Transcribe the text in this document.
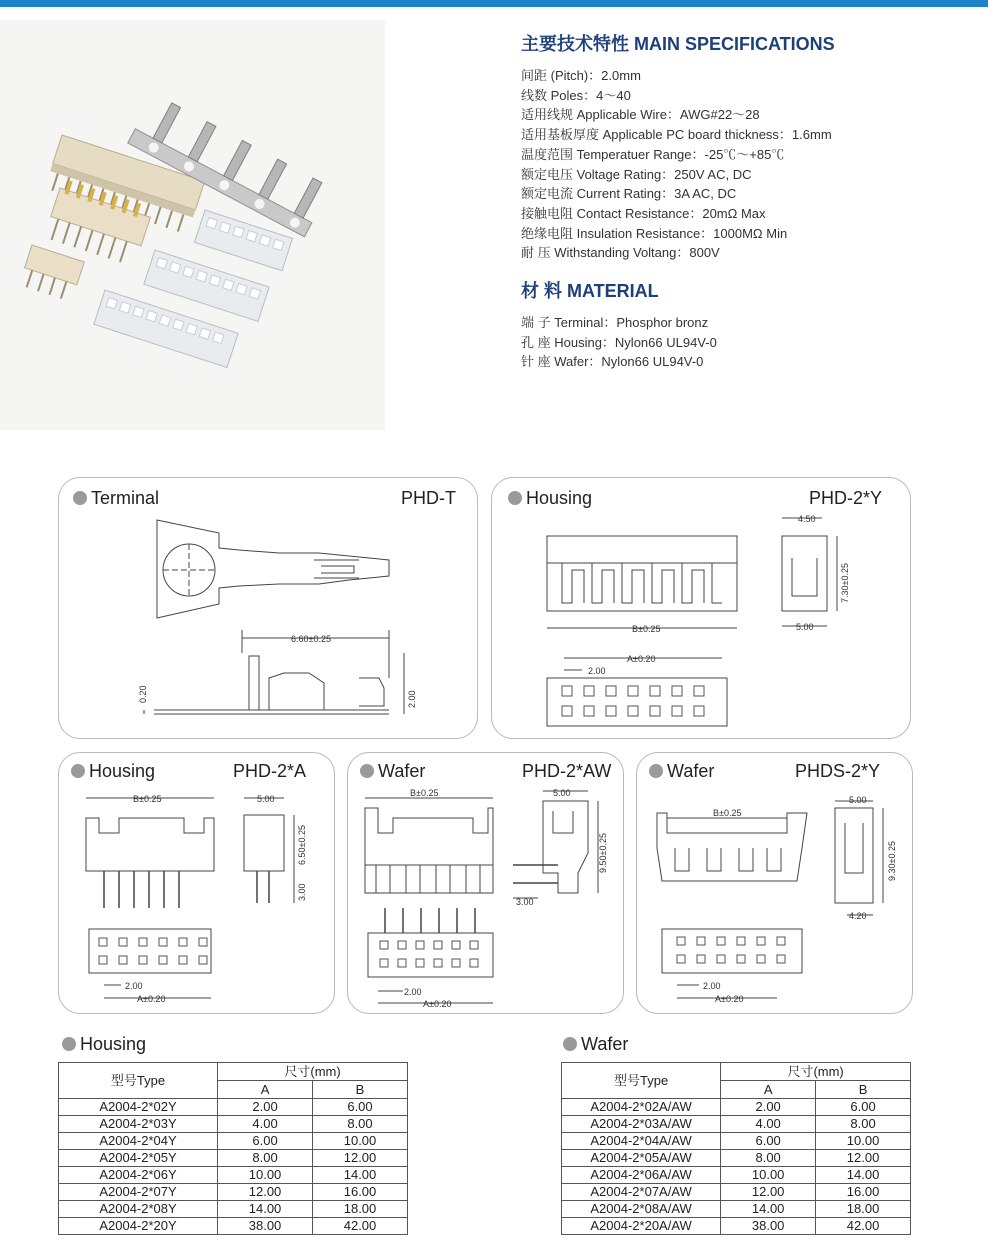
主要技术特性 MAIN SPECIFICATIONS
间距 (Pitch)：2.0mm
线数 Poles：4～40
适用线规 Applicable Wire：AWG#22～28
适用基板厚度 Applicable PC board thickness：1.6mm
温度范围 Temperatuer Range：-25℃～+85℃
额定电压 Voltage Rating：250V AC, DC
额定电流 Current Rating：3A AC, DC
接触电阻 Contact Resistance：20mΩ Max
绝缘电阻 Insulation Resistance：1000MΩ Min
耐 压 Withstanding Voltang：800V
材 料 MATERIAL
端 子 Terminal：Phosphor bronz
孔 座 Housing：Nylon66 UL94V-0
针 座 Wafer：Nylon66 UL94V-0
Terminal	PHD-T
6.60±0.25
0.20	2.00
Housing	PHD-2*Y
4.50
7.30±0.25
B±0.25	5.00
A±0.20
2.00
Housing	PHD-2*A
B±0.25	5.00
6.50±0.25
3.00
2.00
A±0.20
Wafer	PHD-2*AW
B±0.25	5.00
9.50±0.25
3.00
2.00
A±0.20
Wafer	PHDS-2*Y
B±0.25
5.00
9.30±0.25
4.20
2.00
A±0.20
Housing
型号Type	尺寸(mm)	
	A	B
A2004-2*02Y	2.00	6.00
A2004-2*03Y	4.00	8.00
A2004-2*04Y	6.00	10.00
A2004-2*05Y	8.00	12.00
A2004-2*06Y	10.00	14.00
A2004-2*07Y	12.00	16.00
A2004-2*08Y	14.00	18.00
A2004-2*20Y	38.00	42.00
Wafer
型号Type	尺寸(mm)	
	A	B
A2004-2*02A/AW	2.00	6.00
A2004-2*03A/AW	4.00	8.00
A2004-2*04A/AW	6.00	10.00
A2004-2*05A/AW	8.00	12.00
A2004-2*06A/AW	10.00	14.00
A2004-2*07A/AW	12.00	16.00
A2004-2*08A/AW	14.00	18.00
A2004-2*20A/AW	38.00	42.00
